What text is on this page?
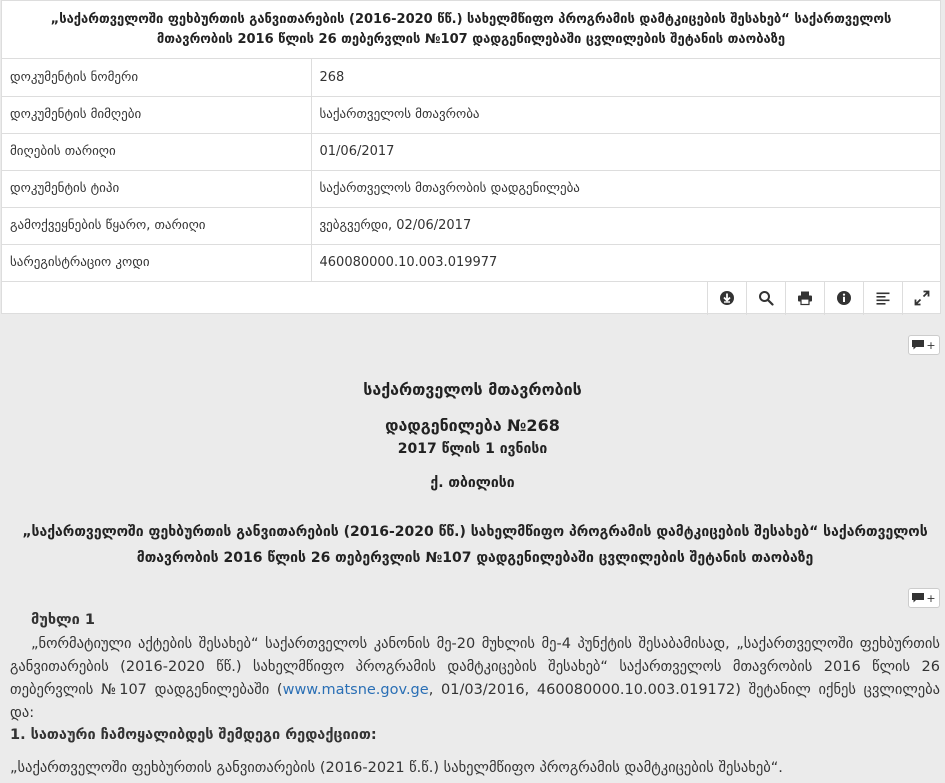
„საქართველოში ფეხბურთის განვითარების (2016-2020 წწ.) სახელმწიფო პროგრამის დამტკიცების შესახებ“ საქართველოს მთავრობის 2016 წლის 26 თებერვლის №107 დადგენილებაში ცვლილების შეტანის თაობაზე
დოკუმენტის ნომერი	268
დოკუმენტის მიმღები	საქართველოს მთავრობა
მიღების თარიღი	01/06/2017
დოკუმენტის ტიპი	საქართველოს მთავრობის დადგენილება
გამოქვეყნების წყარო, თარიღი	ვებგვერდი, 02/06/2017
სარეგისტრაციო კოდი	460080000.10.003.019977
+
საქართველოს მთავრობის
დადგენილება №268
2017 წლის 1 ივნისი
ქ. თბილისი
„საქართველოში ფეხბურთის განვითარების (2016-2020 წწ.) სახელმწიფო პროგრამის დამტკიცების შესახებ“ საქართველოს მთავრობის 2016 წლის 26 თებერვლის №107 დადგენილებაში ცვლილების შეტანის თაობაზე
+
მუხლი 1
„ნორმატიული აქტების შესახებ“ საქართველოს კანონის მე-20 მუხლის მე-4 პუნქტის შესაბამისად, „საქართველოში ფეხბურთის განვითარების (2016-2020 წწ.) სახელმწიფო პროგრამის დამტკიცების შესახებ“ საქართველოს მთავრობის 2016 წლის 26 თებერვლის №107 დადგენილებაში (www.matsne.gov.ge, 01/03/2016, 460080000.10.003.019172) შეტანილ იქნეს ცვლილება და:
1. სათაური ჩამოყალიბდეს შემდეგი რედაქციით:
„საქართველოში ფეხბურთის განვითარების (2016-2021 წ.წ.) სახელმწიფო პროგრამის დამტკიცების შესახებ“.
